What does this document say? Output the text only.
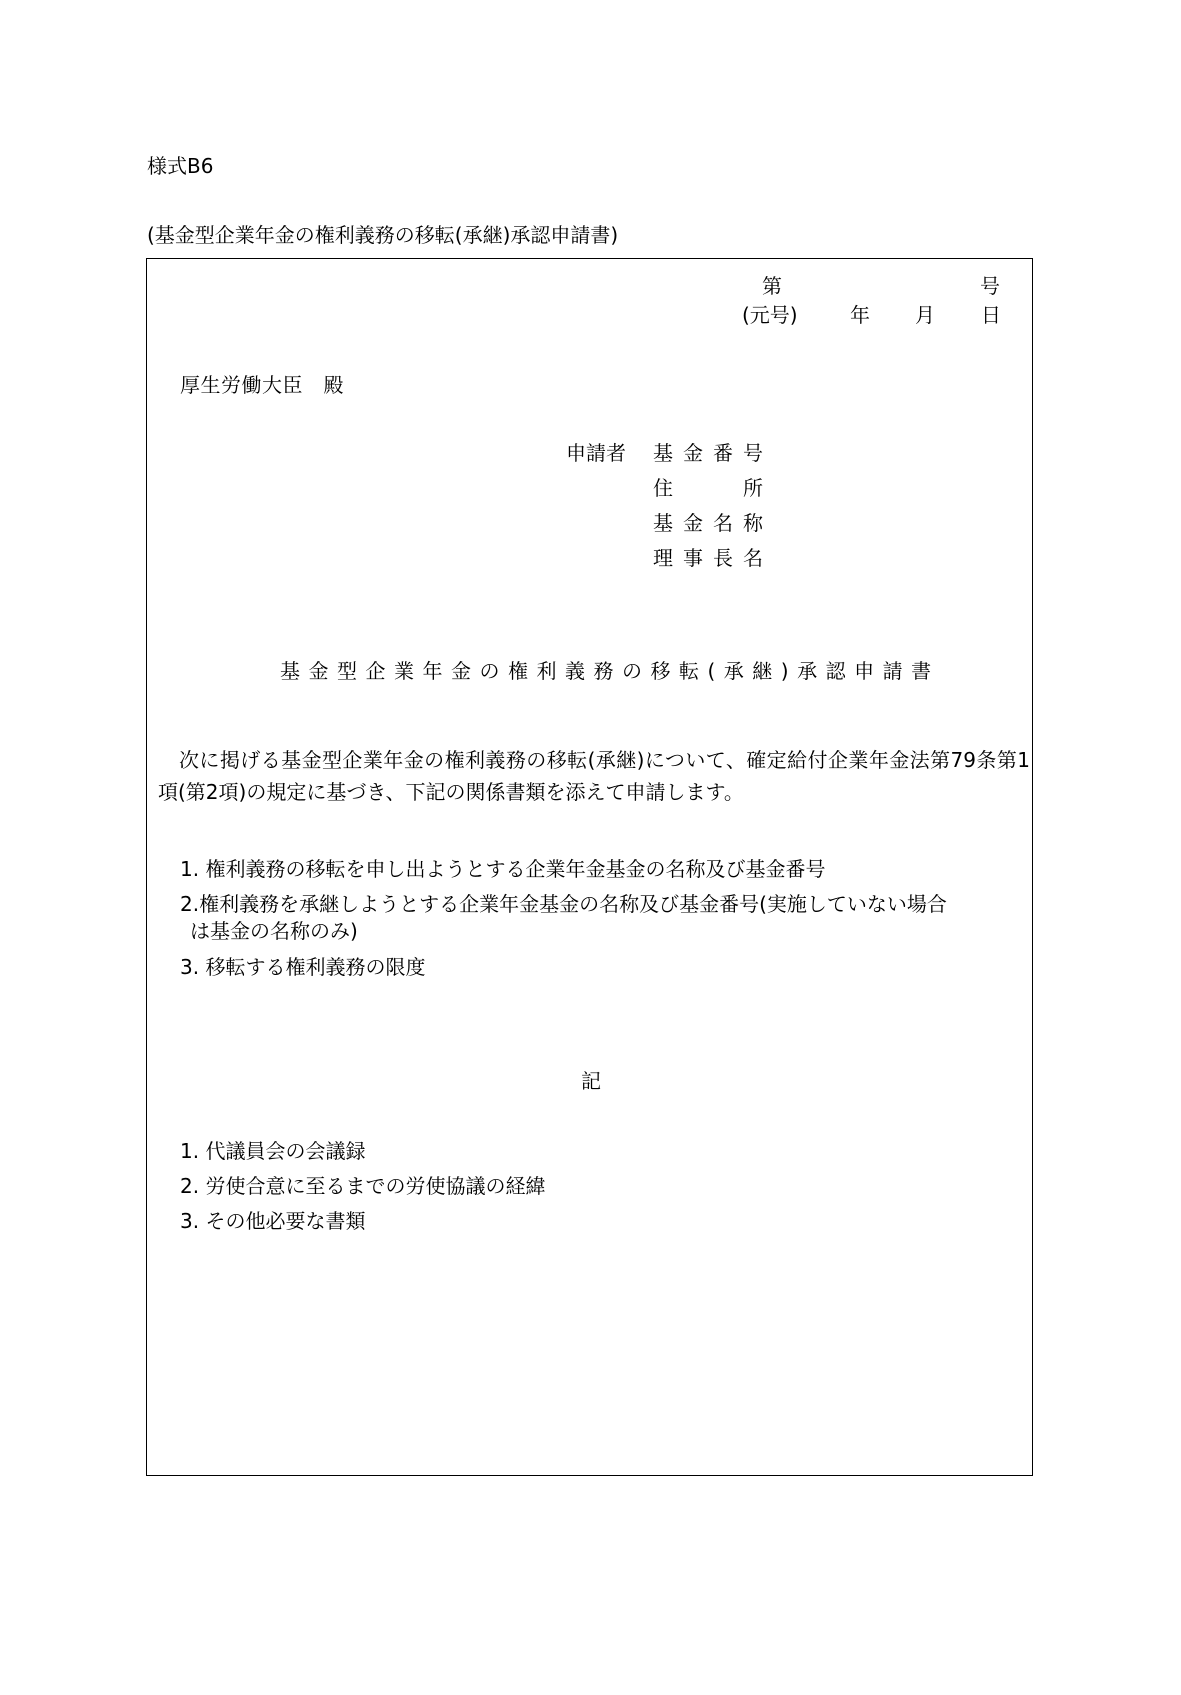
様式B6
(基金型企業年金の権利義務の移転(承継)承認申請書)
第	号
(元号)	年 月 日
厚生労働大臣　殿
申請者 基金番号
住所
基金名称
理事長名
基金型企業年金の権利義務の移転(承継)承認申請書
次に掲げる基金型企業年金の権利義務の移転(承継)について、確定給付企業年金法第79条第1項(第2項)の規定に基づき、下記の関係書類を添えて申請します。
1. 権利義務の移転を申し出ようとする企業年金基金の名称及び基金番号
2.権利義務を承継しようとする企業年金基金の名称及び基金番号(実施していない場合
は基金の名称のみ)
3. 移転する権利義務の限度
記
1. 代議員会の会議録
2. 労使合意に至るまでの労使協議の経緯
3. その他必要な書類
